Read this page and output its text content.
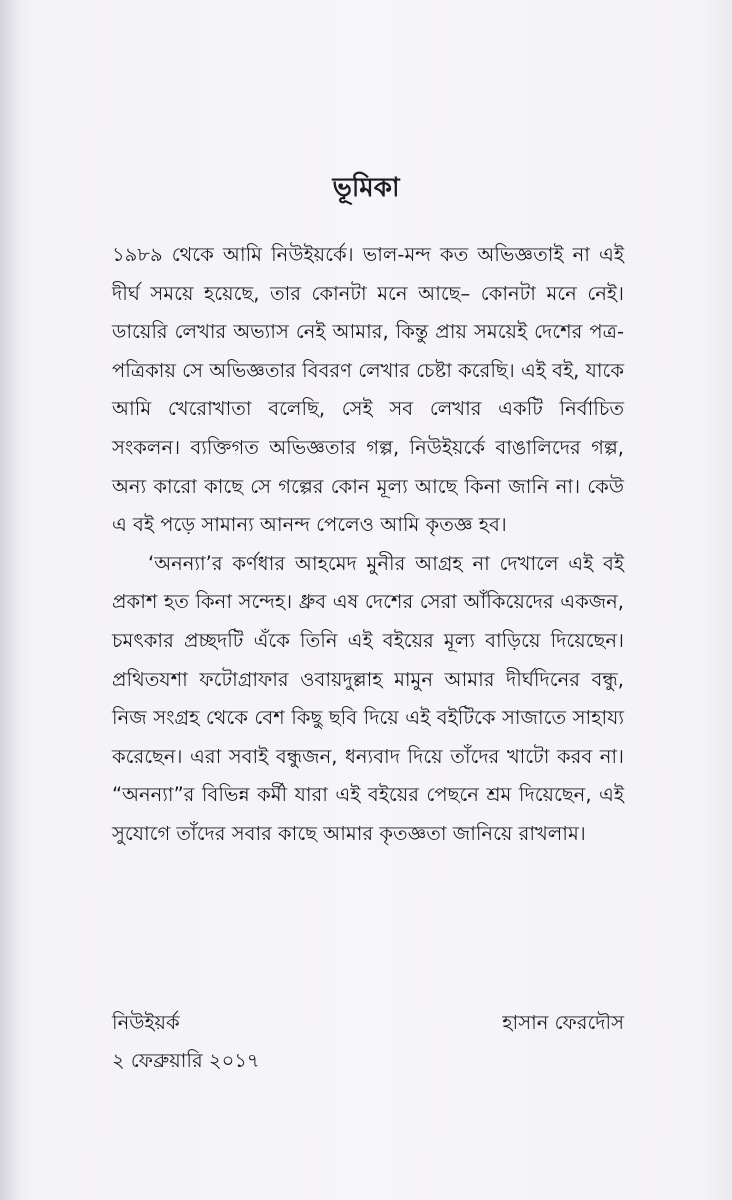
ভূমিকা

১৯৮৯ থেকে আমি নিউইয়র্কে। ভাল-মন্দ কত অভিজ্ঞতাই না এই দীর্ঘ সময়ে হয়েছে, তার কোনটা মনে আছে– কোনটা মনে নেই। ডায়েরি লেখার অভ্যাস নেই আমার, কিন্তু প্রায় সময়েই দেশের পত্র-পত্রিকায় সে অভিজ্ঞতার বিবরণ লেখার চেষ্টা করেছি। এই বই, যাকে আমি খেরোখাতা বলেছি, সেই সব লেখার একটি নির্বাচিত সংকলন। ব্যক্তিগত অভিজ্ঞতার গল্প, নিউইয়র্কে বাঙালিদের গল্প, অন্য কারো কাছে সে গল্পের কোন মূল্য আছে কিনা জানি না। কেউ এ বই পড়ে সামান্য আনন্দ পেলেও আমি কৃতজ্ঞ হব।

‘অনন্যা’র কর্ণধার আহমেদ মুনীর আগ্রহ না দেখালে এই বই প্রকাশ হত কিনা সন্দেহ। ধ্রুব এষ দেশের সেরা আঁকিয়েদের একজন, চমৎকার প্রচ্ছদটি এঁকে তিনি এই বইয়ের মূল্য বাড়িয়ে দিয়েছেন। প্রথিতযশা ফটোগ্রাফার ওবায়দুল্লাহ মামুন আমার দীর্ঘদিনের বন্ধু, নিজ সংগ্রহ থেকে বেশ কিছু ছবি দিয়ে এই বইটিকে সাজাতে সাহায্য করেছেন। এরা সবাই বন্ধুজন, ধন্যবাদ দিয়ে তাঁদের খাটো করব না। “অনন্যা”র বিভিন্ন কর্মী যারা এই বইয়ের পেছনে শ্রম দিয়েছেন, এই সুযোগে তাঁদের সবার কাছে আমার কৃতজ্ঞতা জানিয়ে রাখলাম।

নিউইয়র্ক	হাসান ফেরদৌস
২ ফেব্রুয়ারি ২০১৭
